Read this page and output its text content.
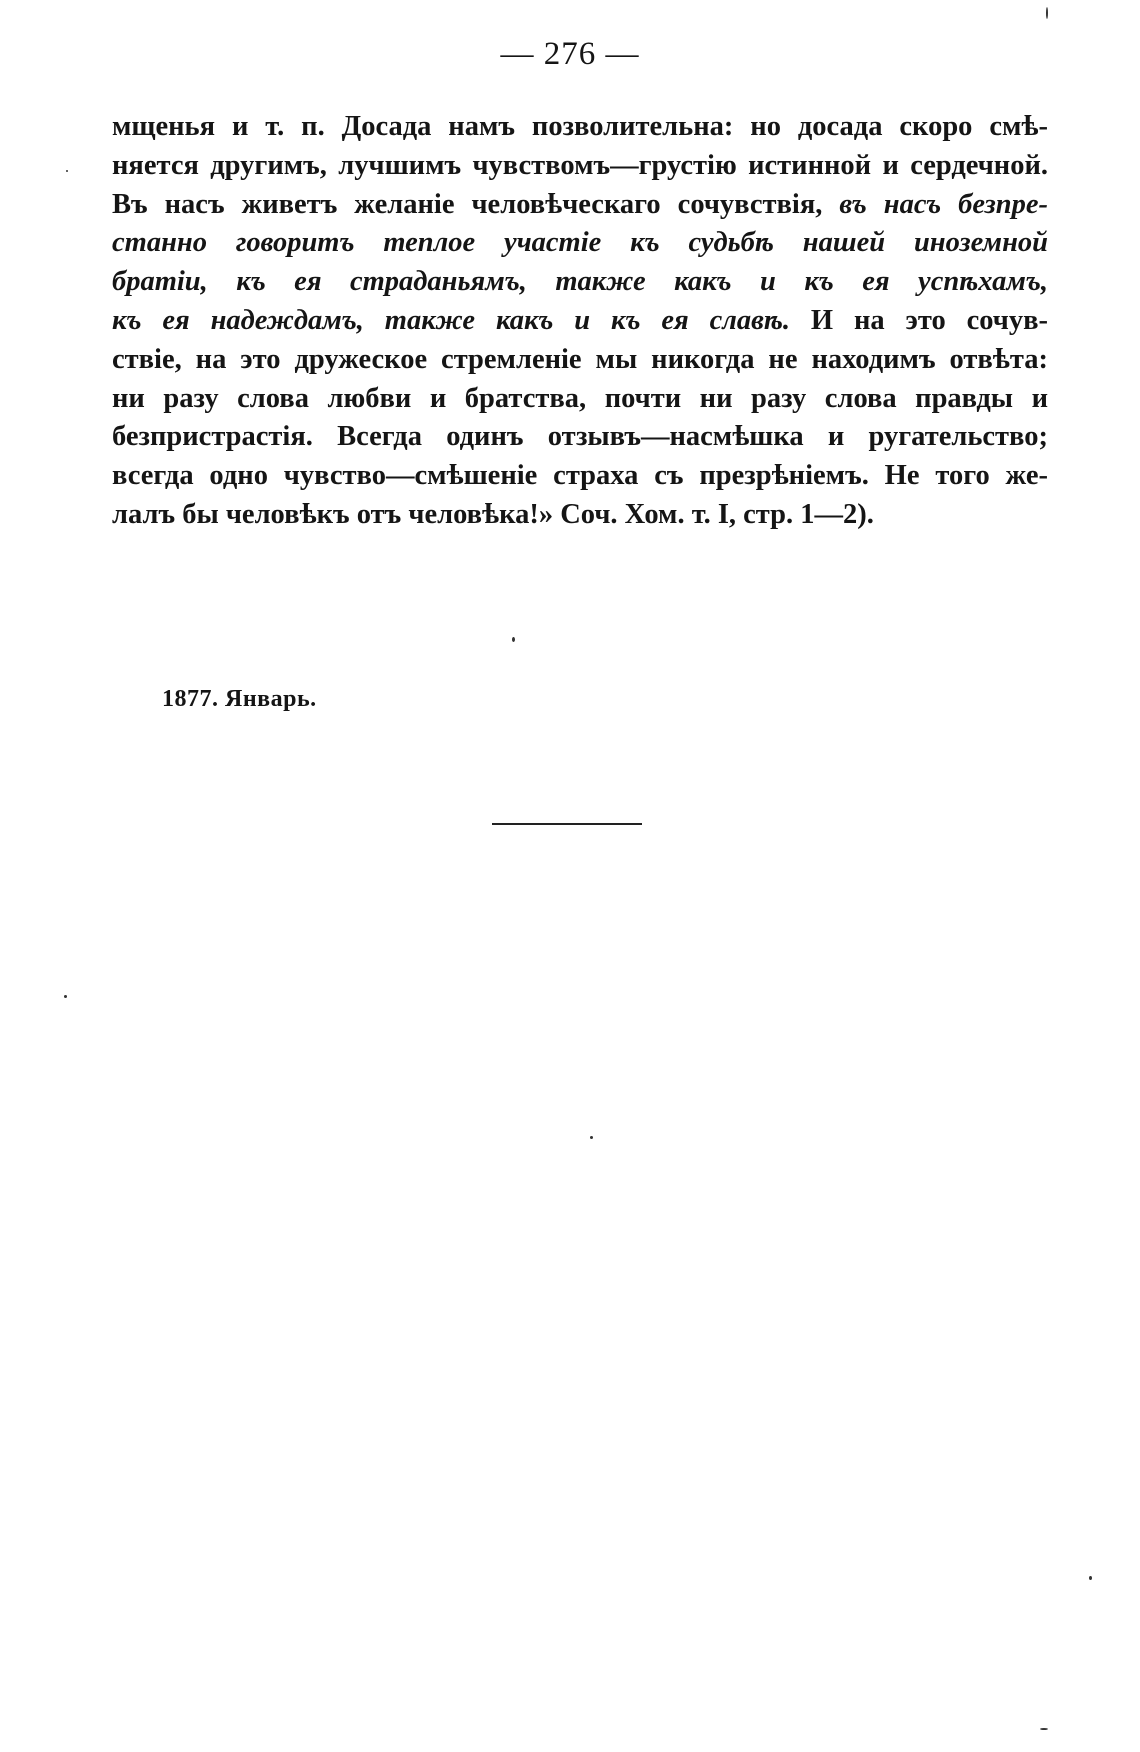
— 276 —
мщенья и т. п. Досада намъ позволительна: но досада скоро смѣ-
няется другимъ, лучшимъ чувствомъ—грустію истинной и сердечной.
Въ насъ живетъ желаніе человѣческаго сочувствія, въ насъ безпре-
станно говоритъ теплое участіе къ судьбѣ нашей иноземной
братіи, къ ея страданьямъ, также какъ и къ ея успѣхамъ,
къ ея надеждамъ, также какъ и къ ея славѣ. И на это сочув-
ствіе, на это дружеское стремленіе мы никогда не находимъ отвѣта:
ни разу слова любви и братства, почти ни разу слова правды и
безпристрастія. Всегда одинъ отзывъ—насмѣшка и ругательство;
всегда одно чувство—смѣшеніе страха съ презрѣніемъ. Не того же-
лалъ бы человѣкъ отъ человѣка!» Соч. Хом. т. I, стр. 1—2).
1877. Январь.
